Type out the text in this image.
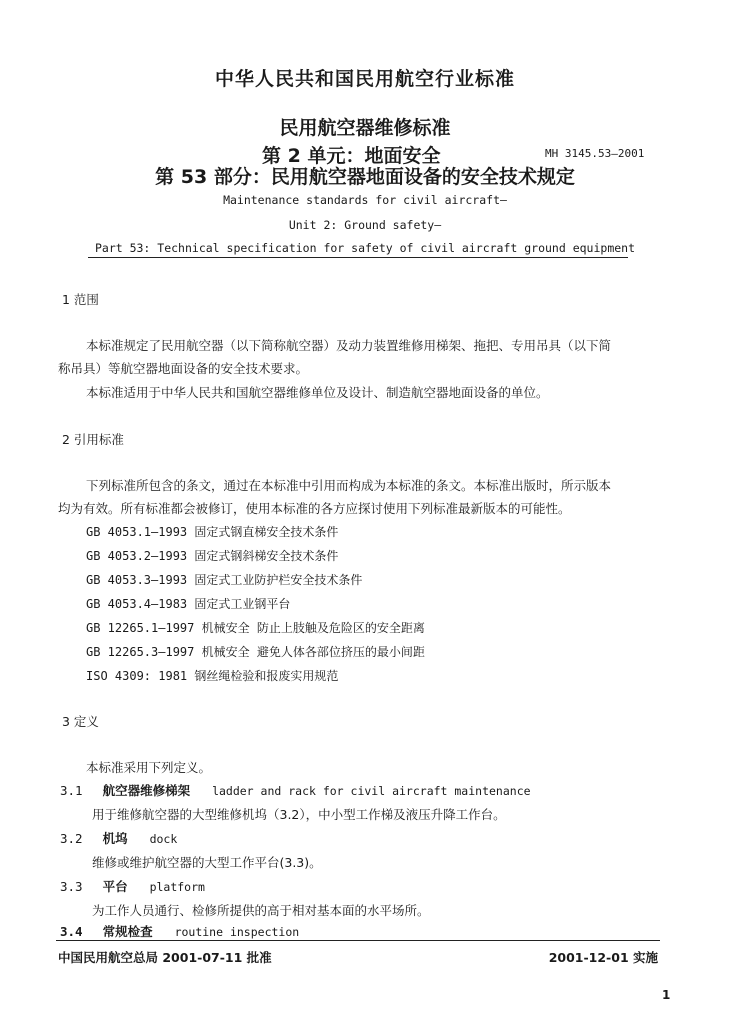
中华人民共和国民用航空行业标准
民用航空器维修标准
第 2 单元：地面安全	MH 3145.53—2001
第 53 部分：民用航空器地面设备的安全技术规定
Maintenance standards for civil aircraft—
Unit 2: Ground safety—
Part 53: Technical specification for safety of civil aircraft ground equipment
1 范围
本标准规定了民用航空器（以下简称航空器）及动力装置维修用梯架、拖把、专用吊具（以下简
称吊具）等航空器地面设备的安全技术要求。
本标准适用于中华人民共和国航空器维修单位及设计、制造航空器地面设备的单位。
2 引用标准
下列标准所包含的条文，通过在本标准中引用而构成为本标准的条文。本标准出版时，所示版本
均为有效。所有标准都会被修订，使用本标准的各方应探讨使用下列标准最新版本的可能性。
GB 4053.1—1993 固定式钢直梯安全技术条件
GB 4053.2—1993 固定式钢斜梯安全技术条件
GB 4053.3—1993 固定式工业防护栏安全技术条件
GB 4053.4—1983 固定式工业钢平台
GB 12265.1—1997 机械安全 防止上肢触及危险区的安全距离
GB 12265.3—1997 机械安全 避免人体各部位挤压的最小间距
ISO 4309: 1981 钢丝绳检验和报废实用规范
3 定义
本标准采用下列定义。
3.1 航空器维修梯架 ladder and rack for civil aircraft maintenance
用于维修航空器的大型维修机坞（3.2），中小型工作梯及液压升降工作台。
3.2 机坞 dock
维修或维护航空器的大型工作平台(3.3)。
3.3 平台 platform
为工作人员通行、检修所提供的高于相对基本面的水平场所。
3.4 常规检查 routine inspection
中国民用航空总局 2001-07-11 批准	2001-12-01 实施
1
